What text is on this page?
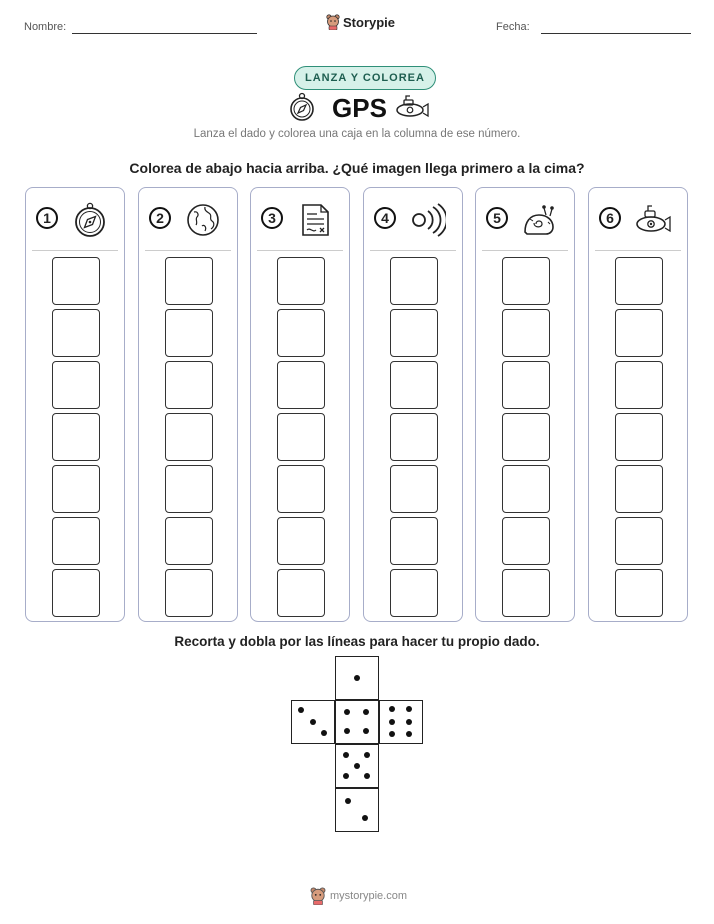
Nombre:	Storypie	Fecha:
LANZA Y COLOREA
GPS
Lanza el dado y colorea una caja en la columna de ese número.
Colorea de abajo hacia arriba. ¿Qué imagen llega primero a la cima?
1	2	3	4	5	6
Recorta y dobla por las líneas para hacer tu propio dado.
mystorypie.com
